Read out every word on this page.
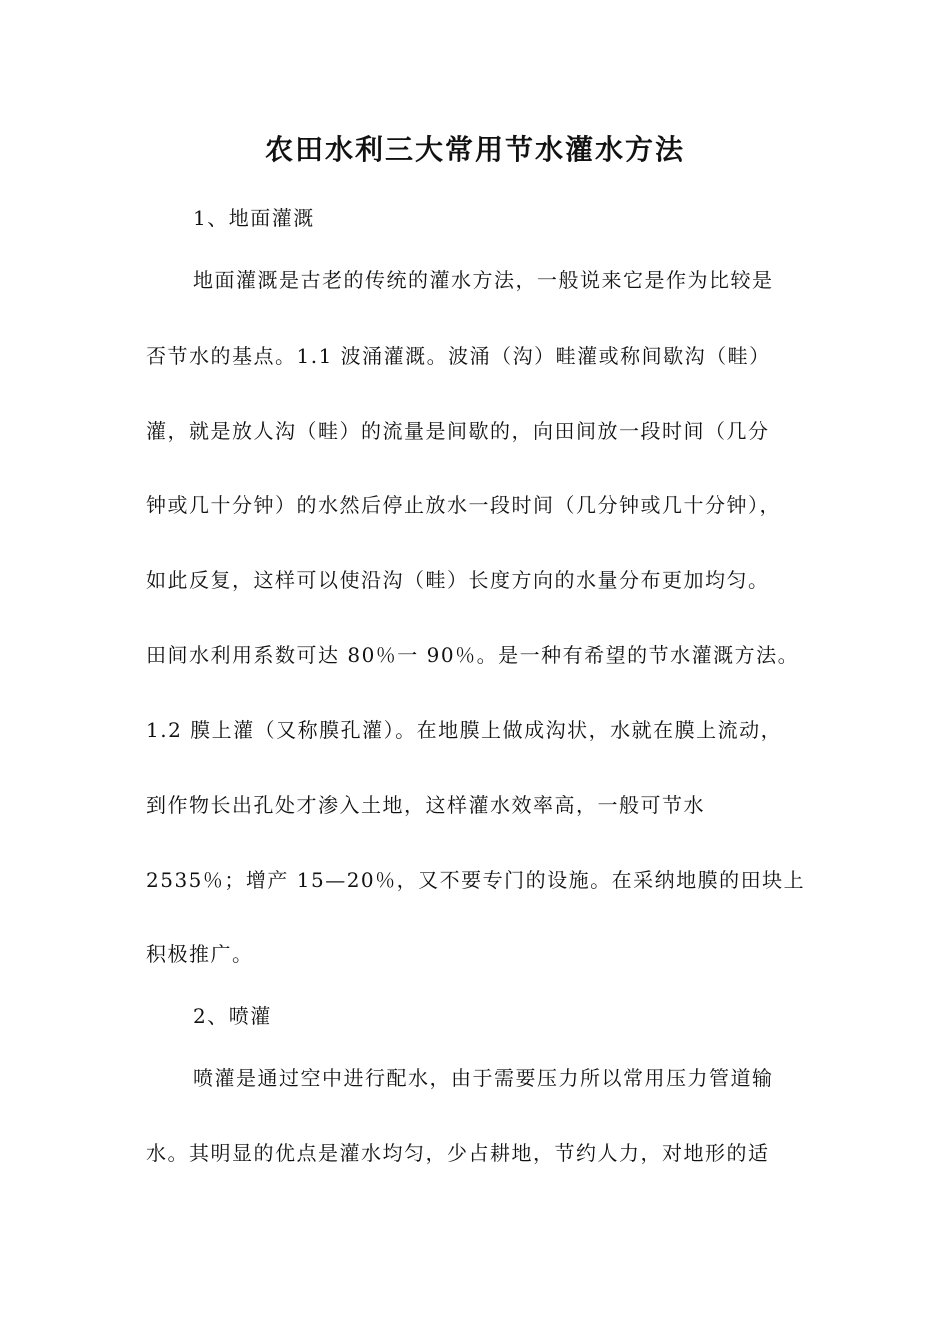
农田水利三大常用节水灌水方法
1、地面灌溉
地面灌溉是古老的传统的灌水方法，一般说来它是作为比较是
否节水的基点。1.1 波涌灌溉。波涌（沟）畦灌或称间歇沟（畦）
灌，就是放人沟（畦）的流量是间歇的，向田间放一段时间（几分
钟或几十分钟）的水然后停止放水一段时间（几分钟或几十分钟），
如此反复，这样可以使沿沟（畦）长度方向的水量分布更加均匀。
田间水利用系数可达 80％一 90％。是一种有希望的节水灌溉方法。
1.2 膜上灌（又称膜孔灌）。在地膜上做成沟状，水就在膜上流动，
到作物长出孔处才渗入土地，这样灌水效率高，一般可节水
2535％；增产 15—20％，又不要专门的设施。在采纳地膜的田块上
积极推广。
2、喷灌
喷灌是通过空中进行配水，由于需要压力所以常用压力管道输
水。其明显的优点是灌水均匀，少占耕地，节约人力，对地形的适
